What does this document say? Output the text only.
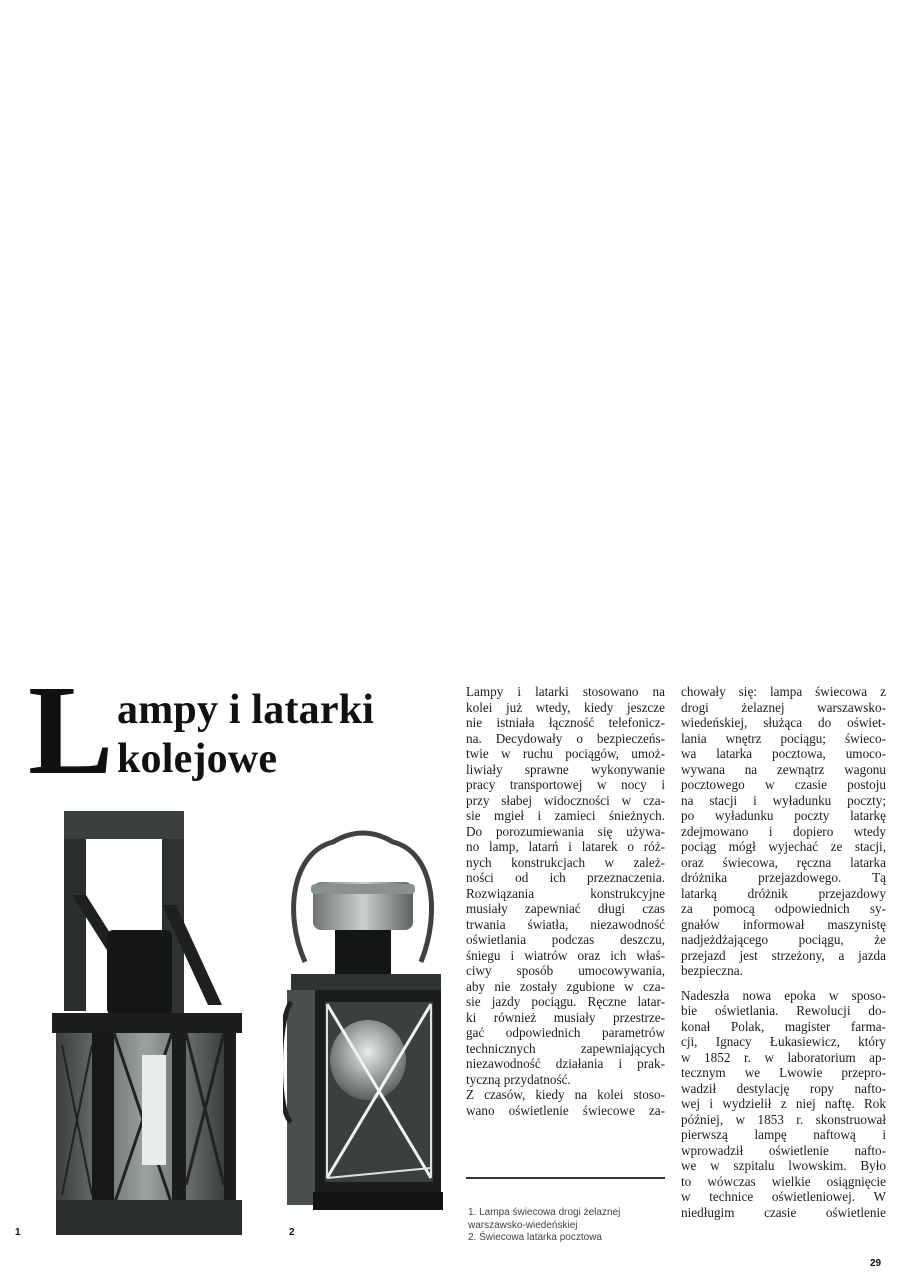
L ampy i latarki
kolejowe
1	2

Lampy i latarki stosowano na
kolei już wtedy, kiedy jeszcze
nie istniała łączność telefonicz-
na. Decydowały o bezpieczeńs-
twie w ruchu pociągów, umoż-
liwiały sprawne wykonywanie
pracy transportowej w nocy i
przy słabej widoczności w cza-
sie mgieł i zamieci śnieżnych.
Do porozumiewania się używa-
no lamp, latarń i latarek o róż-
nych konstrukcjach w zależ-
ności od ich przeznaczenia.
Rozwiązania konstrukcyjne
musiały zapewniać długi czas
trwania światła, niezawodność
oświetlania podczas deszczu,
śniegu i wiatrów oraz ich właś-
ciwy sposób umocowywania,
aby nie zostały zgubione w cza-
sie jazdy pociągu. Ręczne latar-
ki również musiały przestrze-
gać odpowiednich parametrów
technicznych zapewniających
niezawodność działania i prak-
tyczną przydatność.

Z czasów, kiedy na kolei stoso-
wano oświetlenie świecowe za-

1. Lampa świecowa drogi żelaznej
warszawsko-wiedeńskiej
2. Świecowa latarka pocztowa

chowały się: lampa świecowa z
drogi żelaznej warszawsko-
wiedeńskiej, służąca do oświet-
lania wnętrz pociągu; świeco-
wa latarka pocztowa, umoco-
wywana na zewnątrz wagonu
pocztowego w czasie postoju
na stacji i wyładunku poczty;
po wyładunku poczty latarkę
zdejmowano i dopiero wtedy
pociąg mógł wyjechać ze stacji,
oraz świecowa, ręczna latarka
dróżnika przejazdowego. Tą
latarką dróżnik przejazdowy
za pomocą odpowiednich sy-
gnałów informował maszynistę
nadjeżdżającego pociągu, że
przejazd jest strzeżony, a jazda
bezpieczna.

Nadeszła nowa epoka w sposo-
bie oświetlania. Rewolucji do-
konał Polak, magister farma-
cji, Ignacy Łukasiewicz, który
w 1852 r. w laboratorium ap-
tecznym we Lwowie przepro-
wadził destylację ropy nafto-
wej i wydzielił z niej naftę. Rok
później, w 1853 r. skonstruował
pierwszą lampę naftową i
wprowadził oświetlenie nafto-
we w szpitalu lwowskim. Było
to wówczas wielkie osiągnięcie
w technice oświetleniowej. W
niedługim czasie oświetlenie

29
